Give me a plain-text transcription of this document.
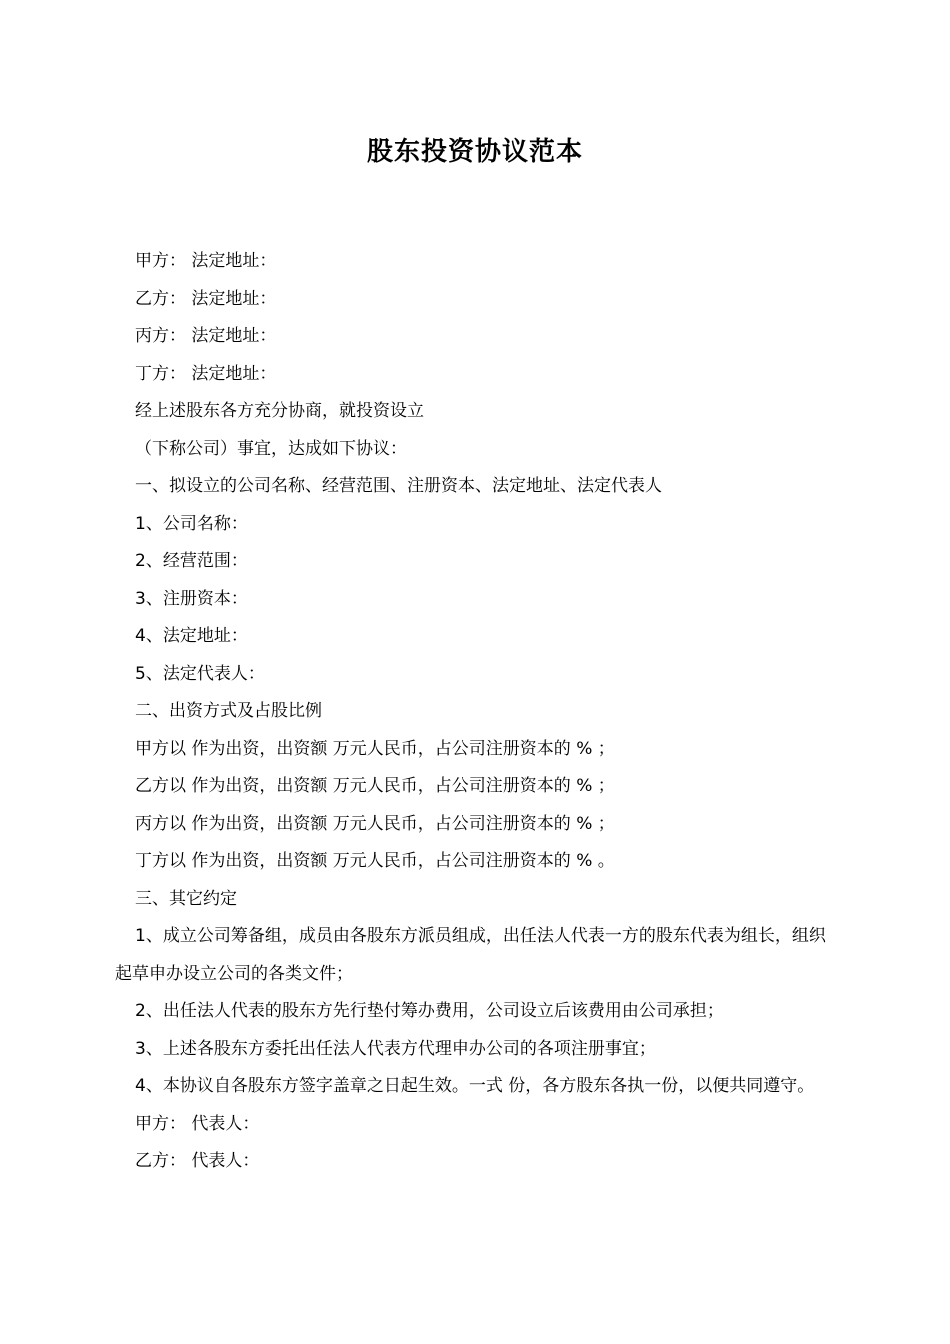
股东投资协议范本

甲方： 法定地址：

乙方： 法定地址：

丙方： 法定地址：

丁方： 法定地址：

经上述股东各方充分协商，就投资设立

（下称公司）事宜，达成如下协议：

一、拟设立的公司名称、经营范围、注册资本、法定地址、法定代表人

1、公司名称：

2、经营范围：

3、注册资本：

4、法定地址：

5、法定代表人：

二、出资方式及占股比例

甲方以 作为出资，出资额 万元人民币，占公司注册资本的 % ；

乙方以 作为出资，出资额 万元人民币，占公司注册资本的 % ；

丙方以 作为出资，出资额 万元人民币，占公司注册资本的 % ；

丁方以 作为出资，出资额 万元人民币，占公司注册资本的 % 。

三、其它约定

1、成立公司筹备组，成员由各股东方派员组成，出任法人代表一方的股东代表为组长，组织起草申办设立公司的各类文件；

2、出任法人代表的股东方先行垫付筹办费用，公司设立后该费用由公司承担；

3、上述各股东方委托出任法人代表方代理申办公司的各项注册事宜；

4、本协议自各股东方签字盖章之日起生效。一式 份，各方股东各执一份，以便共同遵守。

甲方： 代表人：

乙方： 代表人：
